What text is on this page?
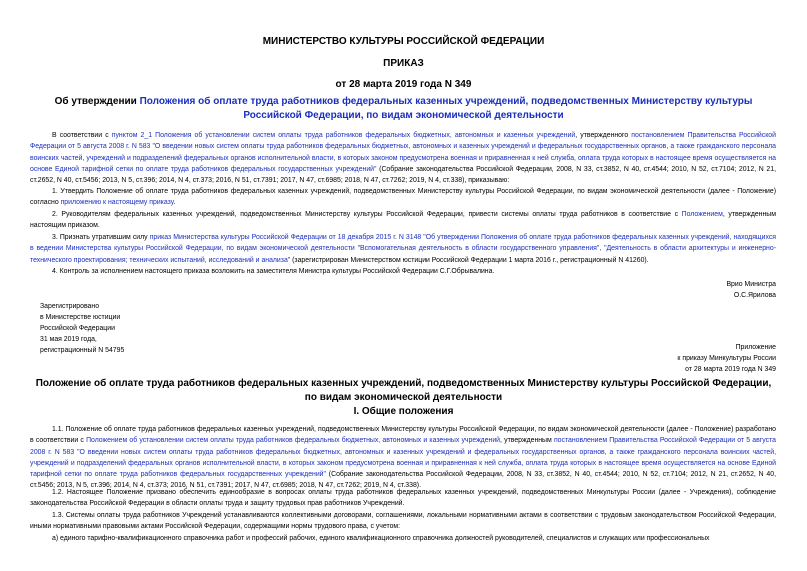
МИНИСТЕРСТВО КУЛЬТУРЫ РОССИЙСКОЙ ФЕДЕРАЦИИ
ПРИКАЗ
от 28 марта 2019 года N 349
Об утверждении Положения об оплате труда работников федеральных казенных учреждений, подведомственных Министерству культуры Российской Федерации, по видам экономической деятельности

В соответствии с пунктом 2_1 Положения об установлении систем оплаты труда работников федеральных бюджетных, автономных и казенных учреждений, утвержденного постановлением Правительства Российской Федерации от 5 августа 2008 г. N 583 "О введении новых систем оплаты труда работников федеральных бюджетных, автономных и казенных учреждений и федеральных государственных органов, а также гражданского персонала воинских частей, учреждений и подразделений федеральных органов исполнительной власти, в которых законом предусмотрена военная и приравненная к ней служба, оплата труда которых в настоящее время осуществляется на основе Единой тарифной сетки по оплате труда работников федеральных государственных учреждений" (Собрание законодательства Российской Федерации, 2008, N 33, ст.3852, N 40, ст.4544; 2010, N 52, ст.7104; 2012, N 21, ст.2652, N 40, ст.5456; 2013, N 5, ст.396; 2014, N 4, ст.373; 2016, N 51, ст.7391; 2017, N 47, ст.6985; 2018, N 47, ст.7262; 2019, N 4, ст.338), приказываю:

1. Утвердить Положение об оплате труда работников федеральных казенных учреждений, подведомственных Министерству культуры Российской Федерации, по видам экономической деятельности (далее - Положение) согласно приложению к настоящему приказу.

2. Руководителям федеральных казенных учреждений, подведомственных Министерству культуры Российской Федерации, привести системы оплаты труда работников в соответствие с Положением, утвержденным настоящим приказом.

3. Признать утратившим силу приказ Министерства культуры Российской Федерации от 18 декабря 2015 г. N 3148 "Об утверждении Положения об оплате труда работников федеральных казенных учреждений, находящихся в ведении Министерства культуры Российской Федерации, по видам экономической деятельности "Вспомогательная деятельность в области государственного управления", "Деятельность в области архитектуры и инженерно-технического проектирования; технических испытаний, исследований и анализа" (зарегистрирован Министерством юстиции Российской Федерации 1 марта 2016 г., регистрационный N 41260).

4. Контроль за исполнением настоящего приказа возложить на заместителя Министра культуры Российской Федерации С.Г.Обрывалина.

Врио Министра
О.С.Ярилова
Зарегистрировано
в Министерстве юстиции
Российской Федерации
31 мая 2019 года,
регистрационный N 54795	Приложение
к приказу Минкультуры России
от 28 марта 2019 года N 349
Положение об оплате труда работников федеральных казенных учреждений, подведомственных Министерству культуры Российской Федерации, по видам экономической деятельности
I. Общие положения

1.1. Положение об оплате труда работников федеральных казенных учреждений, подведомственных Министерству культуры Российской Федерации, по видам экономической деятельности (далее - Положение) разработано в соответствии с Положением об установлении систем оплаты труда работников федеральных бюджетных, автономных и казенных учреждений, утвержденным постановлением Правительства Российской Федерации от 5 августа 2008 г. N 583 "О введении новых систем оплаты труда работников федеральных бюджетных, автономных и казенных учреждений и федеральных государственных органов, а также гражданского персонала воинских частей, учреждений и подразделений федеральных органов исполнительной власти, в которых законом предусмотрена военная и приравненная к ней служба, оплата труда которых в настоящее время осуществляется на основе Единой тарифной сетки по оплате труда работников федеральных государственных учреждений" (Собрание законодательства Российской Федерации, 2008, N 33, ст.3852, N 40, ст.4544; 2010, N 52, ст.7104; 2012, N 21, ст.2652, N 40, ст.5456; 2013, N 5, ст.396; 2014, N 4, ст.373; 2016, N 51, ст.7391; 2017, N 47, ст.6985; 2018, N 47, ст.7262; 2019, N 4, ст.338).

1.2. Настоящее Положение призвано обеспечить единообразие в вопросах оплаты труда работников федеральных казенных учреждений, подведомственных Минкультуры России (далее - Учреждения), соблюдение законодательства Российской Федерации в области оплаты труда и защиту трудовых прав работников Учреждений.

1.3. Системы оплаты труда работников Учреждений устанавливаются коллективными договорами, соглашениями, локальными нормативными актами в соответствии с трудовым законодательством Российской Федерации, иными нормативными правовыми актами Российской Федерации, содержащими нормы трудового права, с учетом:

а) единого тарифно-квалификационного справочника работ и профессий рабочих, единого квалификационного справочника должностей руководителей, специалистов и служащих или профессиональных
